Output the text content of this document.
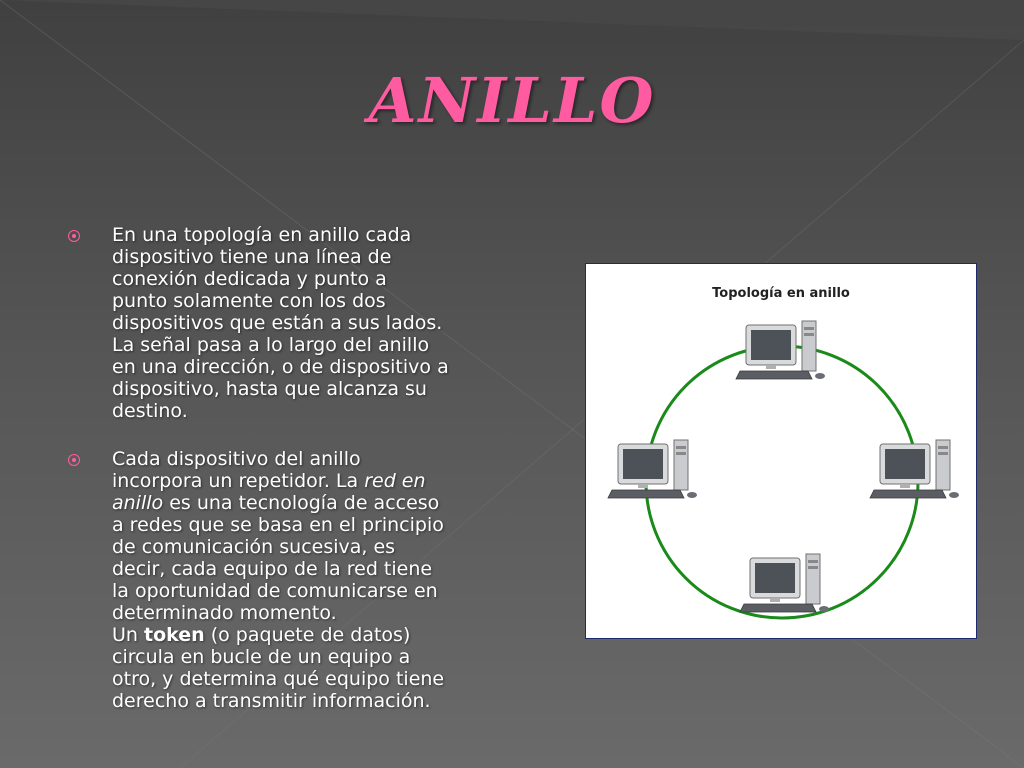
ANILLO
En una topología en anillo cada
dispositivo tiene una línea de
conexión dedicada y punto a
punto solamente con los dos
dispositivos que están a sus lados.
La señal pasa a lo largo del anillo
en una dirección, o de dispositivo a
dispositivo, hasta que alcanza su
destino.
Cada dispositivo del anillo
incorpora un repetidor. La red en
anillo es una tecnología de acceso
a redes que se basa en el principio
de comunicación sucesiva, es
decir, cada equipo de la red tiene
la oportunidad de comunicarse en
determinado momento.
Un token (o paquete de datos)
circula en bucle de un equipo a
otro, y determina qué equipo tiene
derecho a transmitir información.
Topología en anillo
